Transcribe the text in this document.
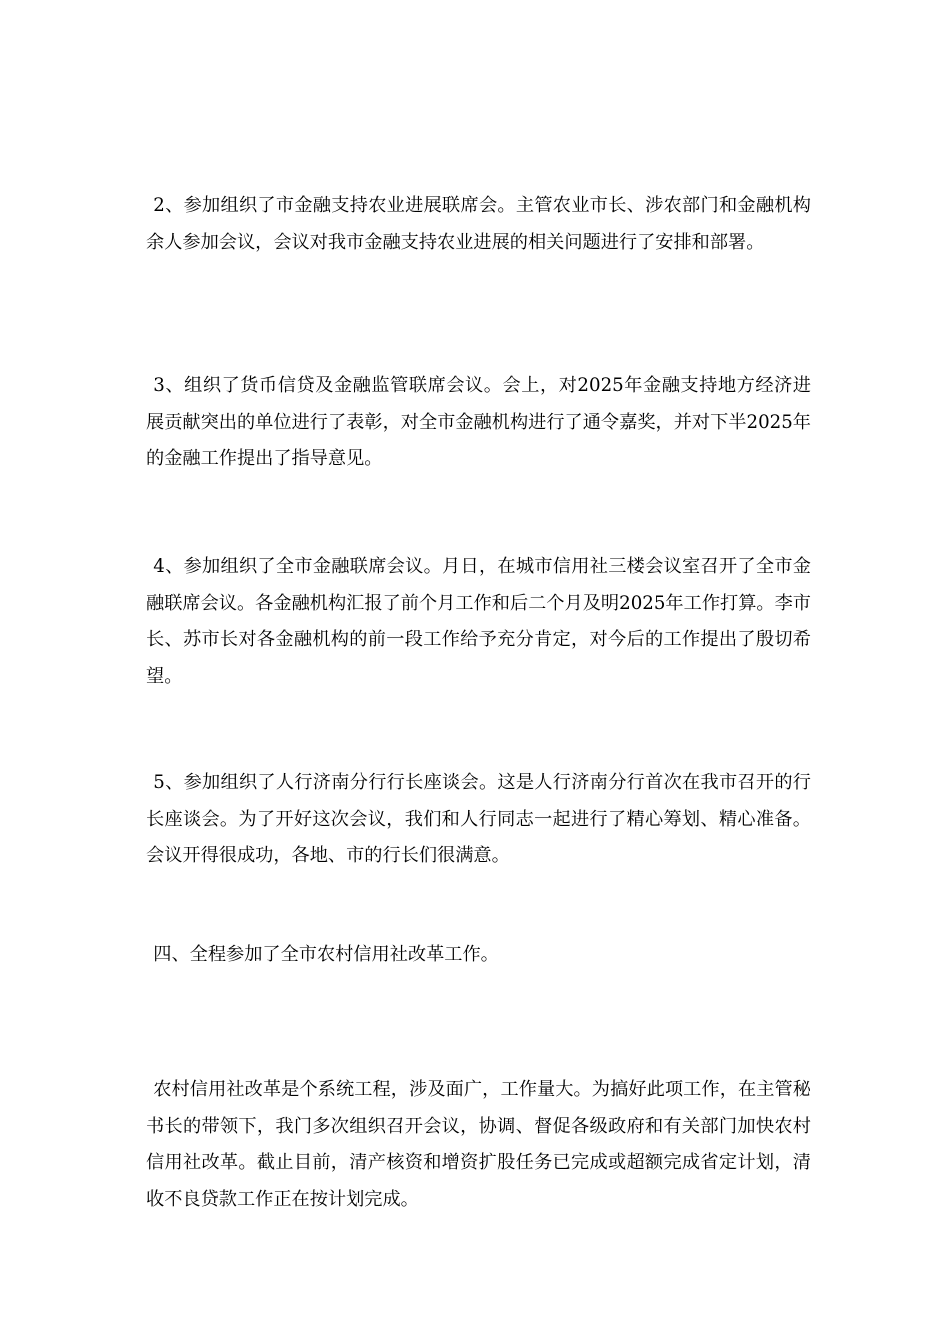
2、参加组织了市金融支持农业进展联席会。主管农业市长、涉农部门和金融机构余人参加会议，会议对我市金融支持农业进展的相关问题进行了安排和部署。

3、组织了货币信贷及金融监管联席会议。会上，对2025年金融支持地方经济进展贡献突出的单位进行了表彰，对全市金融机构进行了通令嘉奖，并对下半2025年的金融工作提出了指导意见。

4、参加组织了全市金融联席会议。月日，在城市信用社三楼会议室召开了全市金融联席会议。各金融机构汇报了前个月工作和后二个月及明2025年工作打算。李市长、苏市长对各金融机构的前一段工作给予充分肯定，对今后的工作提出了殷切希望。

5、参加组织了人行济南分行行长座谈会。这是人行济南分行首次在我市召开的行长座谈会。为了开好这次会议，我们和人行同志一起进行了精心筹划、精心准备。会议开得很成功，各地、市的行长们很满意。

四、全程参加了全市农村信用社改革工作。

农村信用社改革是个系统工程，涉及面广，工作量大。为搞好此项工作，在主管秘书长的带领下，我门多次组织召开会议，协调、督促各级政府和有关部门加快农村信用社改革。截止目前，清产核资和增资扩股任务已完成或超额完成省定计划，清收不良贷款工作正在按计划完成。
